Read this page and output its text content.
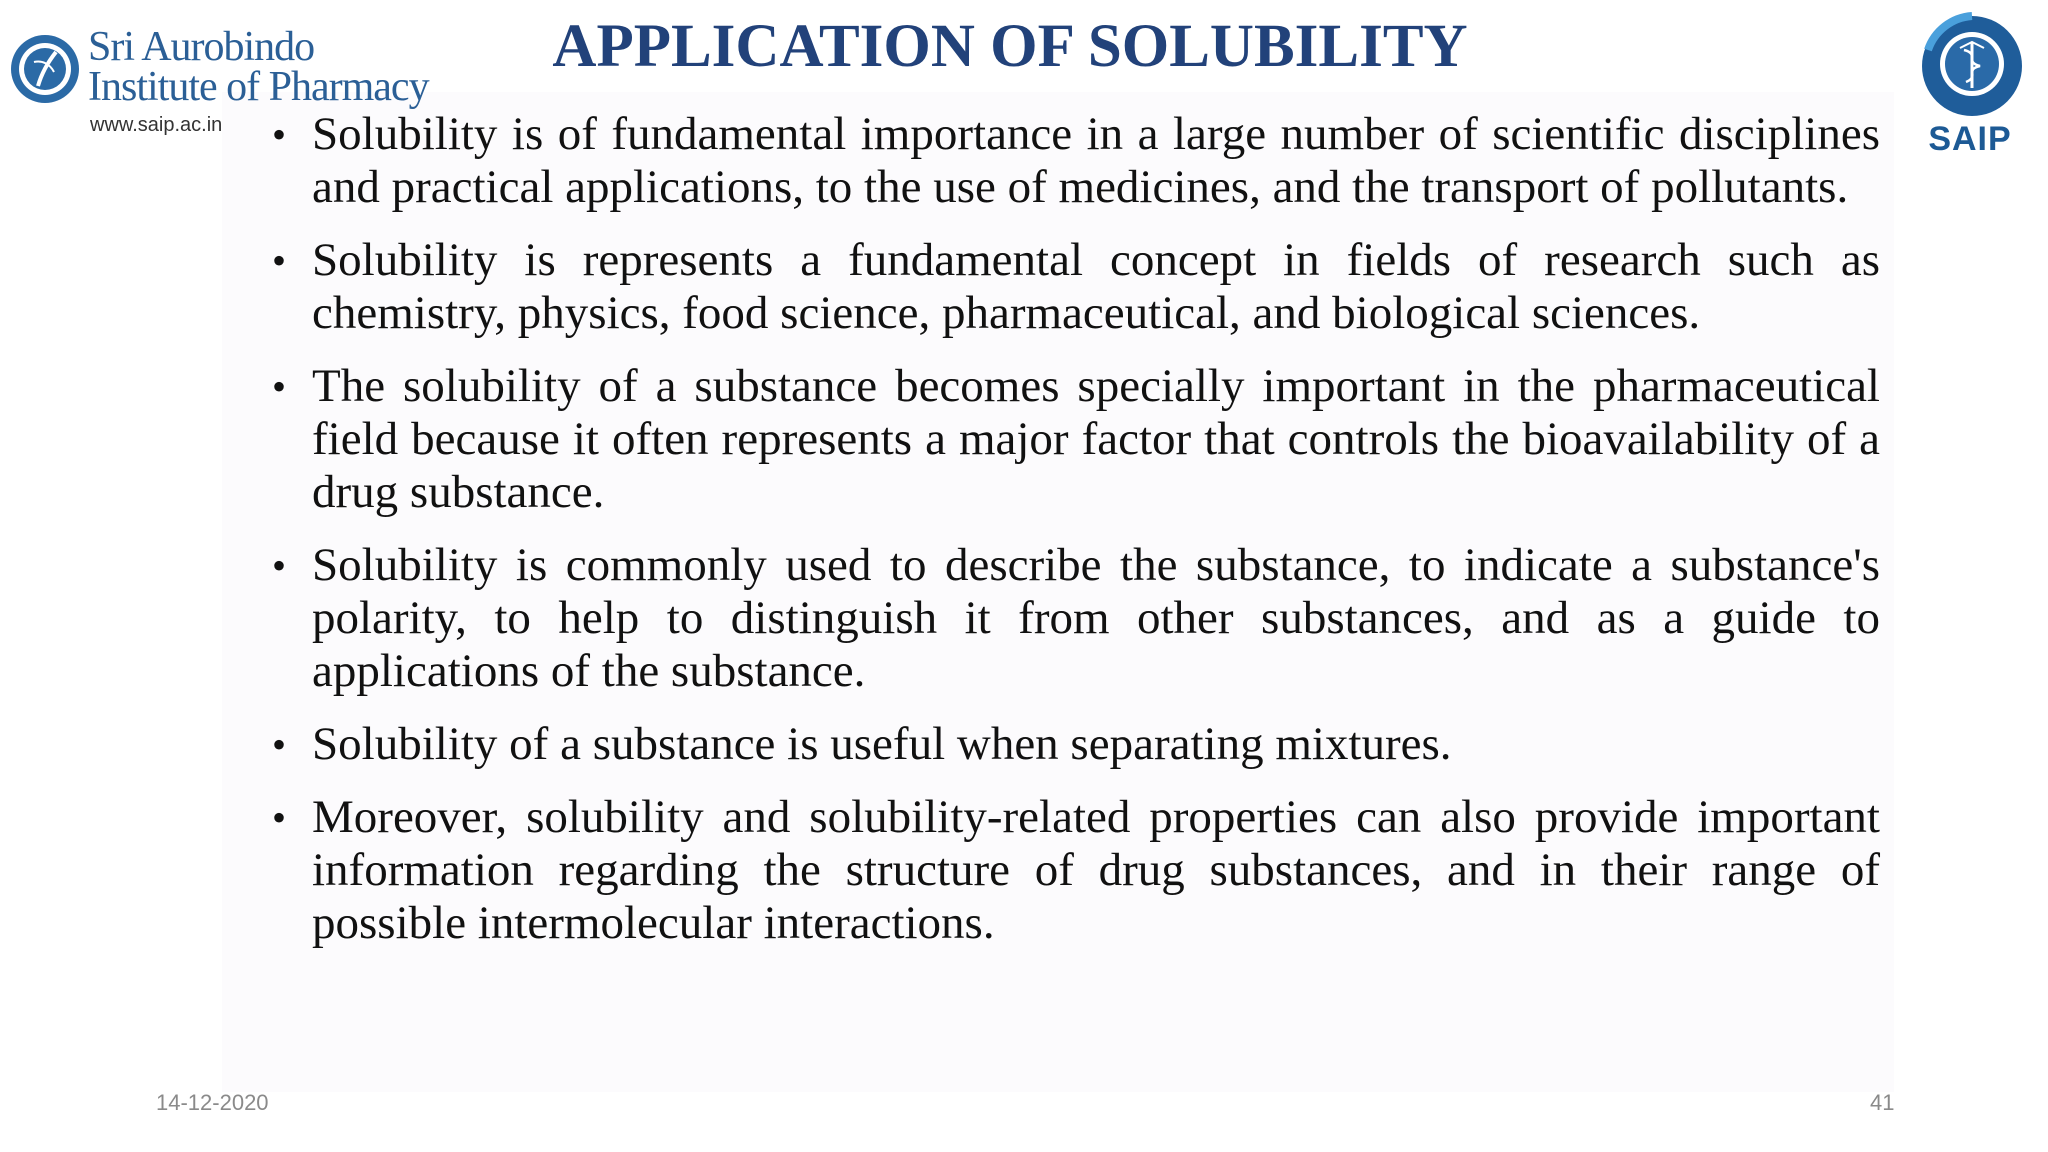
Sri Aurobindo
Institute of Pharmacy
www.saip.ac.in
APPLICATION OF SOLUBILITY
SAIP
• Solubility is of fundamental importance in a large number of scientific disciplines and practical applications, to the use of medicines, and the transport of pollutants.
• Solubility is represents a fundamental concept in fields of research such as chemistry, physics, food science, pharmaceutical, and biological sciences.
• The solubility of a substance becomes specially important in the pharmaceutical field because it often represents a major factor that controls the bioavailability of a drug substance.
• Solubility is commonly used to describe the substance, to indicate a substance's polarity, to help to distinguish it from other substances, and as a guide to applications of the substance.
• Solubility of a substance is useful when separating mixtures.
• Moreover, solubility and solubility-related properties can also provide important information regarding the structure of drug substances, and in their range of possible intermolecular interactions.
14-12-2020	41
